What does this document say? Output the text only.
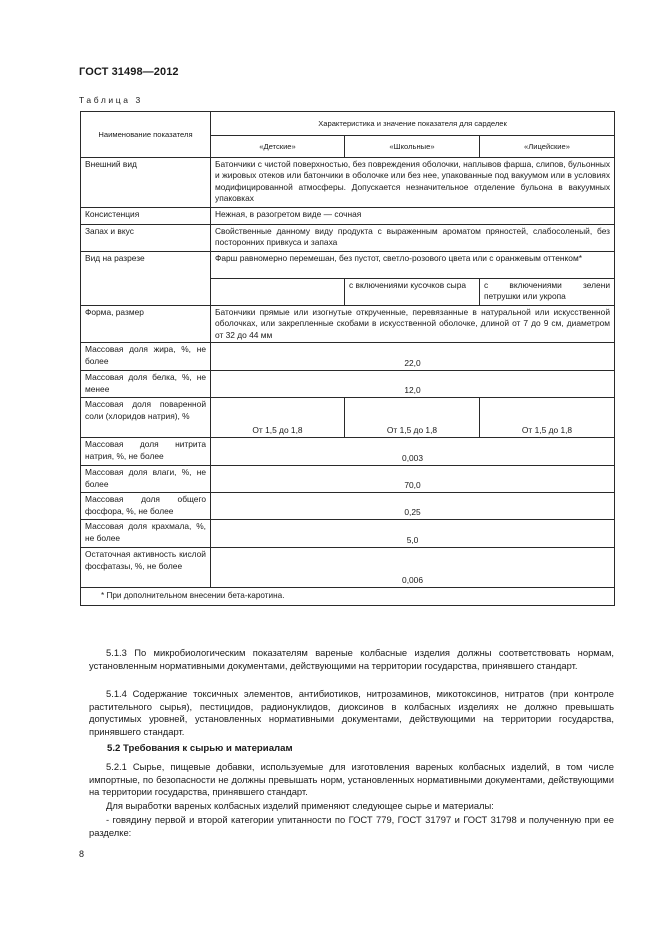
ГОСТ 31498—2012
Таблица 3
Наименование показателя	Характеристика и значение показателя для сарделек		
	«Детские»	«Школьные»	«Лицейские»
Внешний вид	Батончики с чистой поверхностью, без повреждения оболочки, наплывов фарша, слипов, бульонных и жировых отеков или батончики в оболочке или без нее, упакованные под вакуумом или в условиях модифицированной атмосферы. Допускается незначительное отделение бульона в вакуумных упаковках		
Консистенция	Нежная, в разогретом виде — сочная		
Запах и вкус	Свойственные данному виду продукта с выраженным ароматом пряностей, слабосоленый, без посторонних привкуса и запаха		
Вид на разрезе	Фарш равномерно перемешан, без пустот, светло-розового цвета или с оранжевым оттенком*		
		с включениями кусочков сыра	с включениями зелени петрушки или укропа
Форма, размер	Батончики прямые или изогнутые открученные, перевязанные в натуральной или искусственной оболочках, или закрепленные скобами в искусственной оболочке, длиной от 7 до 9 см, диаметром от 32 до 44 мм		
Массовая доля жира, %, не более	22,0		
Массовая доля белка, %, не менее	12,0		
Массовая доля поваренной соли (хлоридов натрия), %	От 1,5 до 1,8	От 1,5 до 1,8	От 1,5 до 1,8
Массовая доля нитрита натрия, %, не более	0,003		
Массовая доля влаги, %, не более	70,0		
Массовая доля общего фосфора, %, не более	0,25		
Массовая доля крахмала, %, не более	5,0		
Остаточная активность кислой фосфатазы, %, не более	0,006		
* При дополнительном внесении бета-каротина.			
5.1.3 По микробиологическим показателям вареные колбасные изделия должны соответствовать нормам, установленным нормативными документами, действующими на территории государства, принявшего стандарт.
5.1.4 Содержание токсичных элементов, антибиотиков, нитрозаминов, микотоксинов, нитратов (при контроле растительного сырья), пестицидов, радионуклидов, диоксинов в колбасных изделиях не должно превышать допустимых уровней, установленных нормативными документами, действующими на территории государства, принявшего стандарт.
5.2 Требования к сырью и материалам
5.2.1 Сырье, пищевые добавки, используемые для изготовления вареных колбасных изделий, в том числе импортные, по безопасности не должны превышать норм, установленных нормативными документами, действующими на территории государства, принявшего стандарт.
Для выработки вареных колбасных изделий применяют следующее сырье и материалы:
- говядину первой и второй категории упитанности по ГОСТ 779, ГОСТ 31797 и ГОСТ 31798 и полученную при ее разделке:
8
